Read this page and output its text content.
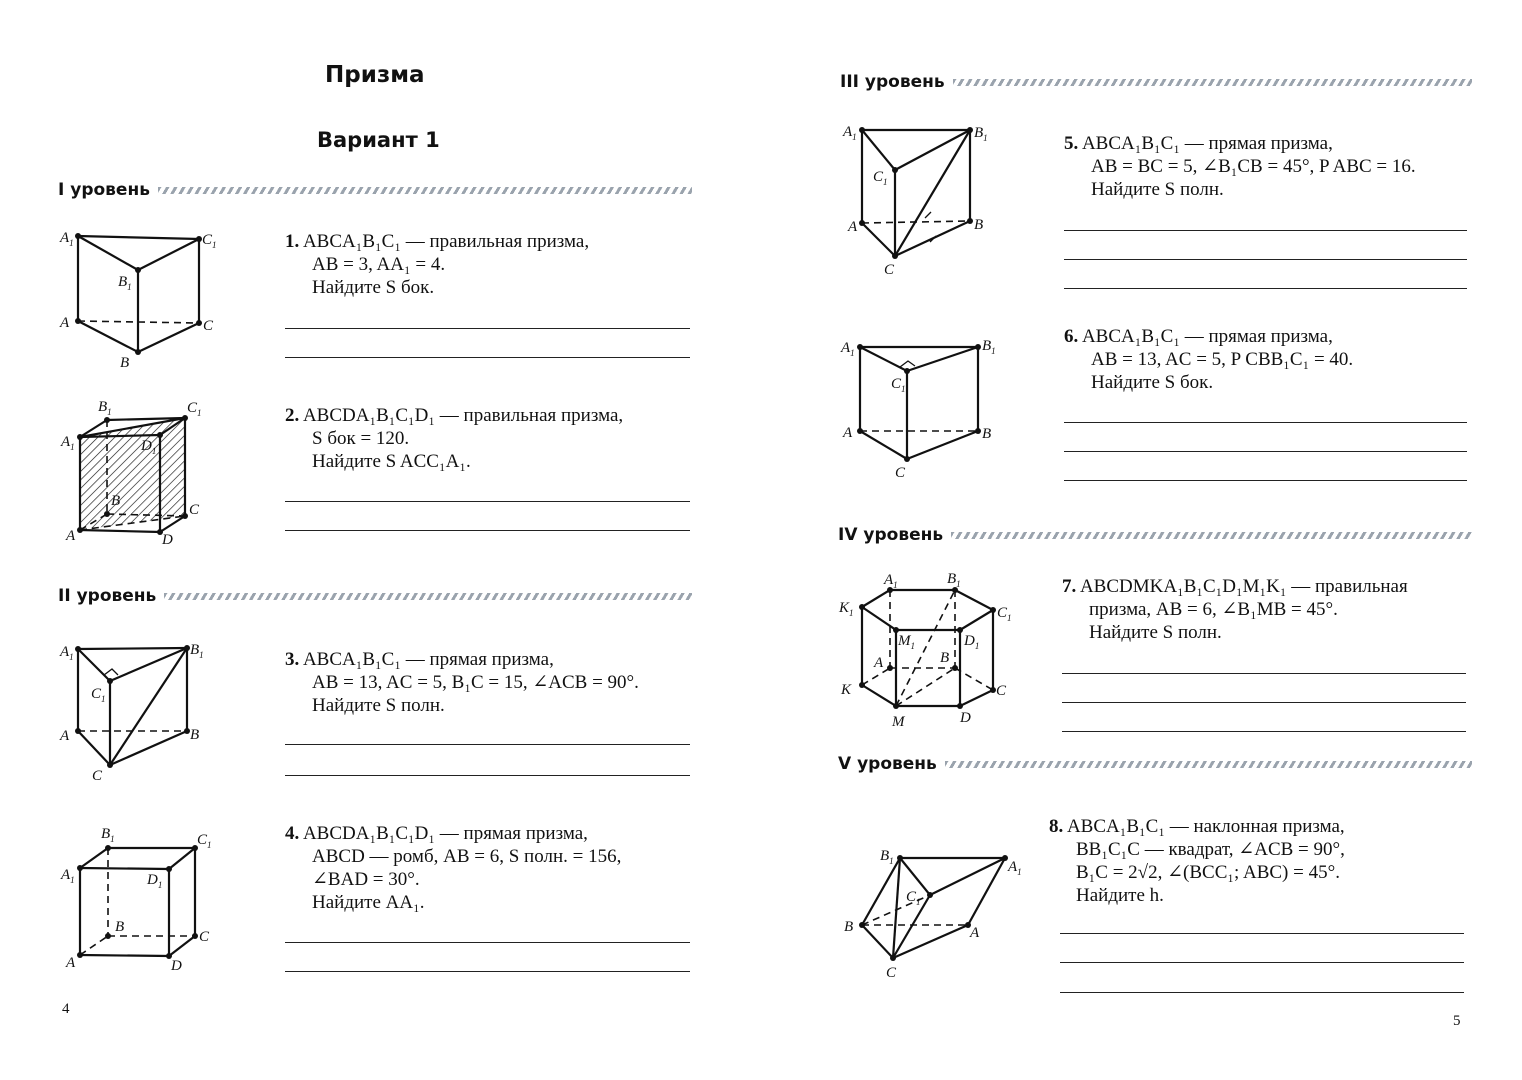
Призма
Вариант 1
I уровень
II уровень
1. ABCA₁B₁C₁ — правильная призма,
AB = 3, AA₁ = 4.
Найдите S бок.
2. ABCDA₁B₁C₁D₁ — правильная призма,
S бок = 120.
Найдите S ACC₁A₁.
3. ABCA₁B₁C₁ — прямая призма,
AB = 13, AC = 5, B₁C = 15, ∠ACB = 90°.
Найдите S полн.
4. ABCDA₁B₁C₁D₁ — прямая призма,
ABCD — ромб, AB = 6, S полн. = 156,
∠BAD = 30°.
Найдите AA₁.
4
$A_1$	$C_1$
$B_1$
A	C
B
$B_1$	$C_1$
$A_1$	$D_1$
B
C
A	D
$A_1$	$B_1$
$C_1$
A	B
C
$B_1$	$C_1$
$A_1$	$D_1$
B
C
A	D
III уровень
IV уровень
V уровень
5. ABCA₁B₁C₁ — прямая призма,
AB = BC = 5, ∠B₁CB = 45°, P ABC = 16.
Найдите S полн.
6. ABCA₁B₁C₁ — прямая призма,
AB = 13, AC = 5, P CBB₁C₁ = 40.
Найдите S бок.
7. ABCDMKA₁B₁C₁D₁M₁K₁ — правильная
призма, AB = 6, ∠B₁MB = 45°.
Найдите S полн.
8. ABCA₁B₁C₁ — наклонная призма,
BB₁C₁C — квадрат, ∠ACB = 90°,
B₁C = 2√2, ∠(BCC₁; ABC) = 45°.
Найдите h.
5
$A_1$	$B_1$
$C_1$
A	B
C
$A_1$	$B_1$
$C_1$
A	B
C
$A_1$	$B_1$
$K_1$	$C_1$
$M_1$	$D_1$
A	B
K	C
M	D
$B_1$	$A_1$
$C_1$
B	A
C
